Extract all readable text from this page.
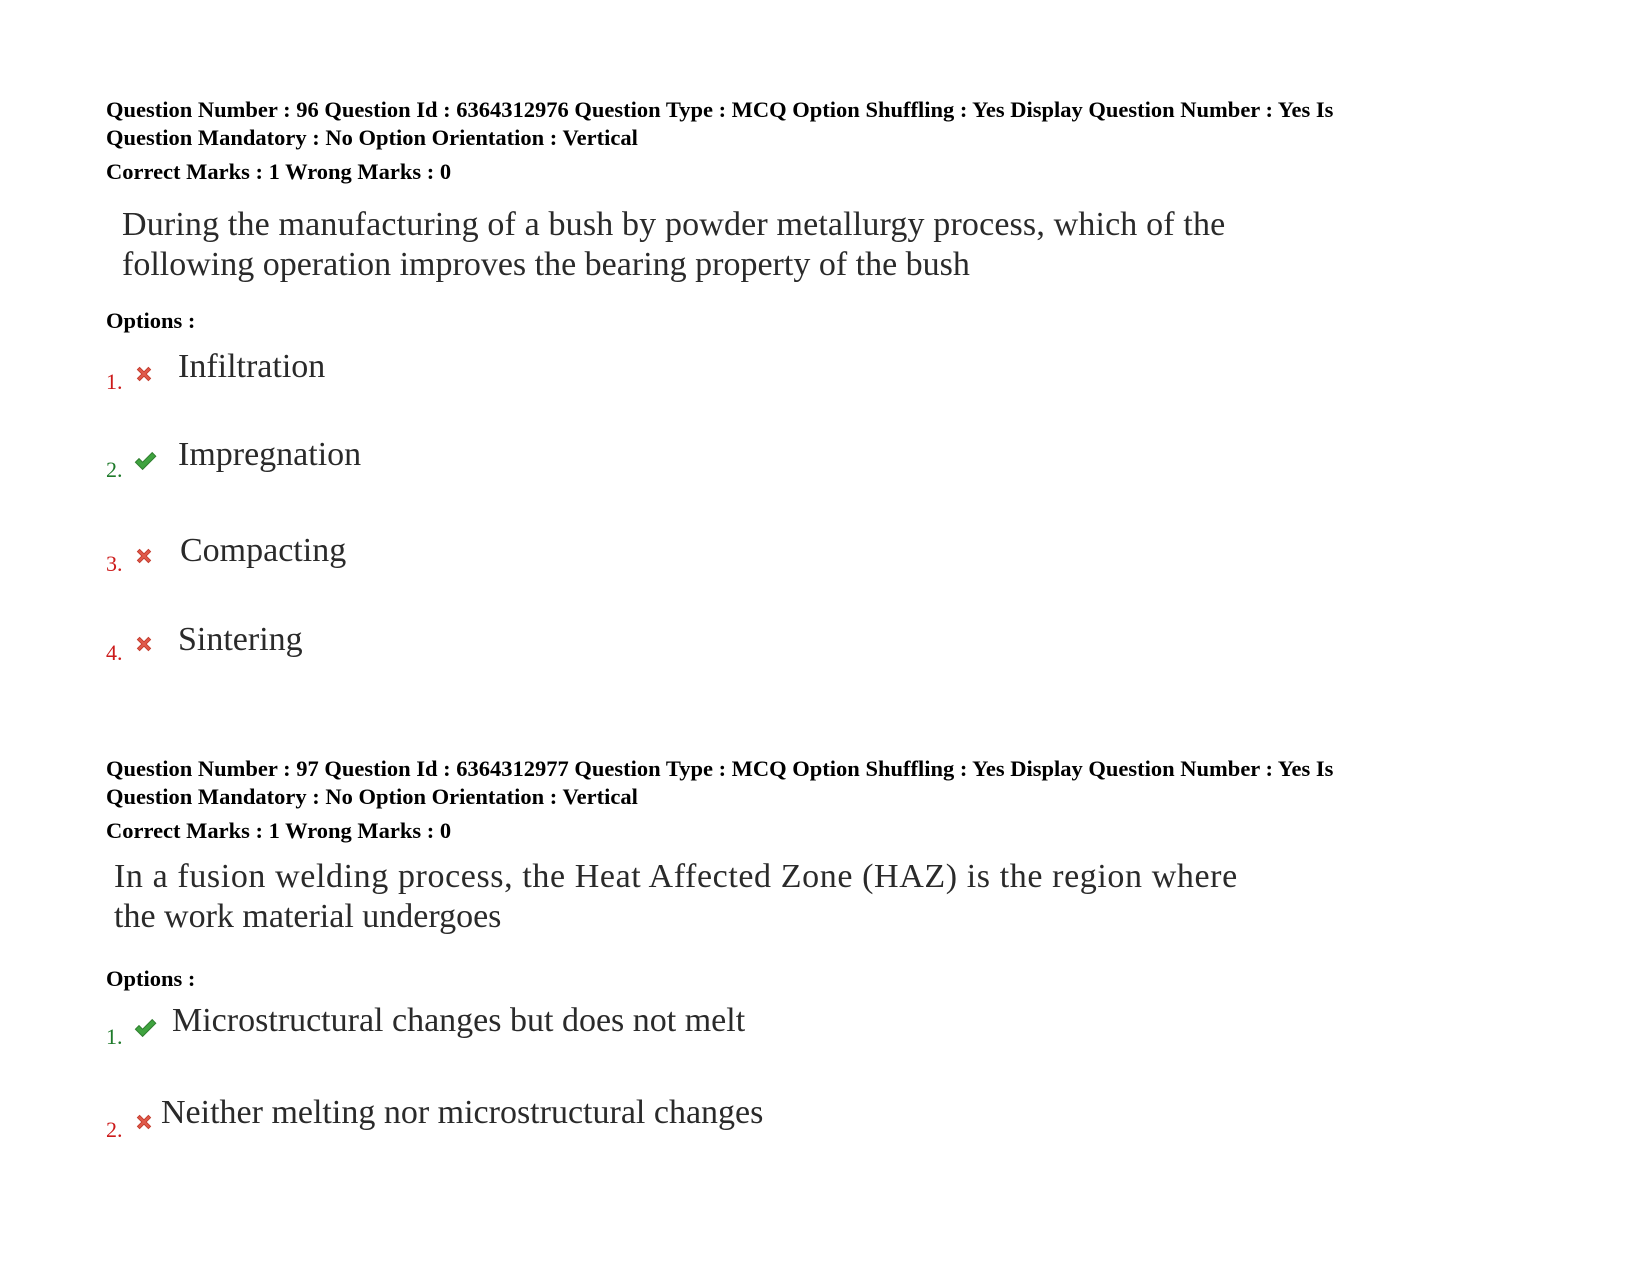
Question Number : 96 Question Id : 6364312976 Question Type : MCQ Option Shuffling : Yes Display Question Number : Yes Is

Question Mandatory : No Option Orientation : Vertical

Correct Marks : 1 Wrong Marks : 0

During the manufacturing of a bush by powder metallurgy process, which of the
following operation improves the bearing property of the bush
Options :
1. Infiltration
2. Impregnation
3. Compacting
4. Sintering

Question Number : 97 Question Id : 6364312977 Question Type : MCQ Option Shuffling : Yes Display Question Number : Yes Is

Question Mandatory : No Option Orientation : Vertical

Correct Marks : 1 Wrong Marks : 0

In a fusion welding process, the Heat Affected Zone (HAZ) is the region where
the work material undergoes
Options :
1. Microstructural changes but does not melt
2. Neither melting nor microstructural changes
